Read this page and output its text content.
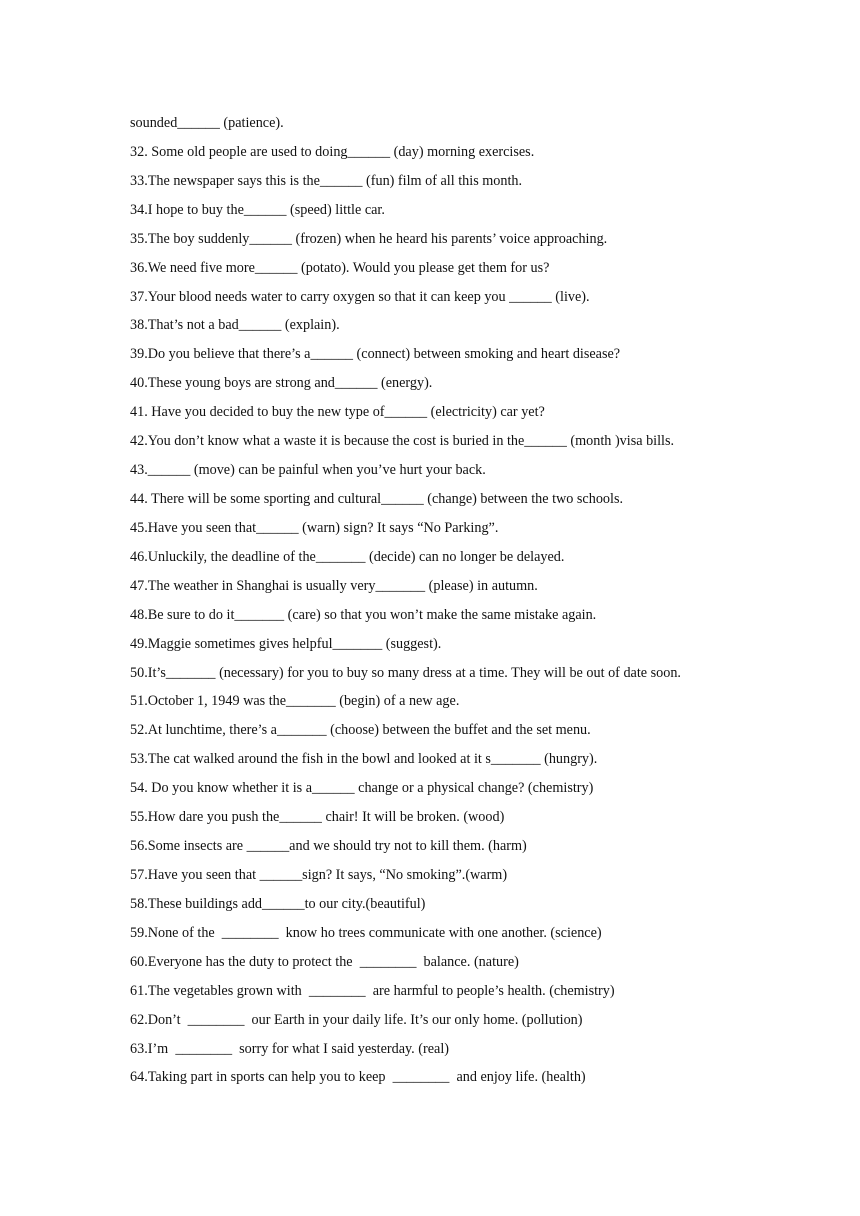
sounded______ (patience).
32. Some old people are used to doing______ (day) morning exercises.
33.The newspaper says this is the______ (fun) film of all this month.
34.I hope to buy the______ (speed) little car.
35.The boy suddenly______ (frozen) when he heard his parents’ voice approaching.
36.We need five more______ (potato). Would you please get them for us?
37.Your blood needs water to carry oxygen so that it can keep you ______ (live).
38.That’s not a bad______ (explain).
39.Do you believe that there’s a______ (connect) between smoking and heart disease?
40.These young boys are strong and______ (energy).
41. Have you decided to buy the new type of______ (electricity) car yet?
42.You don’t know what a waste it is because the cost is buried in the______ (month )visa bills.
43.______ (move) can be painful when you’ve hurt your back.
44. There will be some sporting and cultural______ (change) between the two schools.
45.Have you seen that______ (warn) sign? It says “No Parking”.
46.Unluckily, the deadline of the_______ (decide) can no longer be delayed.
47.The weather in Shanghai is usually very_______ (please) in autumn.
48.Be sure to do it_______ (care) so that you won’t make the same mistake again.
49.Maggie sometimes gives helpful_______ (suggest).
50.It’s_______ (necessary) for you to buy so many dress at a time. They will be out of date soon.
51.October 1, 1949 was the_______ (begin) of a new age.
52.At lunchtime, there’s a_______ (choose) between the buffet and the set menu.
53.The cat walked around the fish in the bowl and looked at it s_______ (hungry).
54. Do you know whether it is a______ change or a physical change? (chemistry)
55.How dare you push the______ chair! It will be broken. (wood)
56.Some insects are ______and we should try not to kill them. (harm)
57.Have you seen that ______sign? It says, “No smoking”.(warm)
58.These buildings add______to our city.(beautiful)
59.None of the  ________  know ho trees communicate with one another. (science)
60.Everyone has the duty to protect the  ________  balance. (nature)
61.The vegetables grown with  ________  are harmful to people’s health. (chemistry)
62.Don’t  ________  our Earth in your daily life. It’s our only home. (pollution)
63.I’m  ________  sorry for what I said yesterday. (real)
64.Taking part in sports can help you to keep  ________  and enjoy life. (health)
